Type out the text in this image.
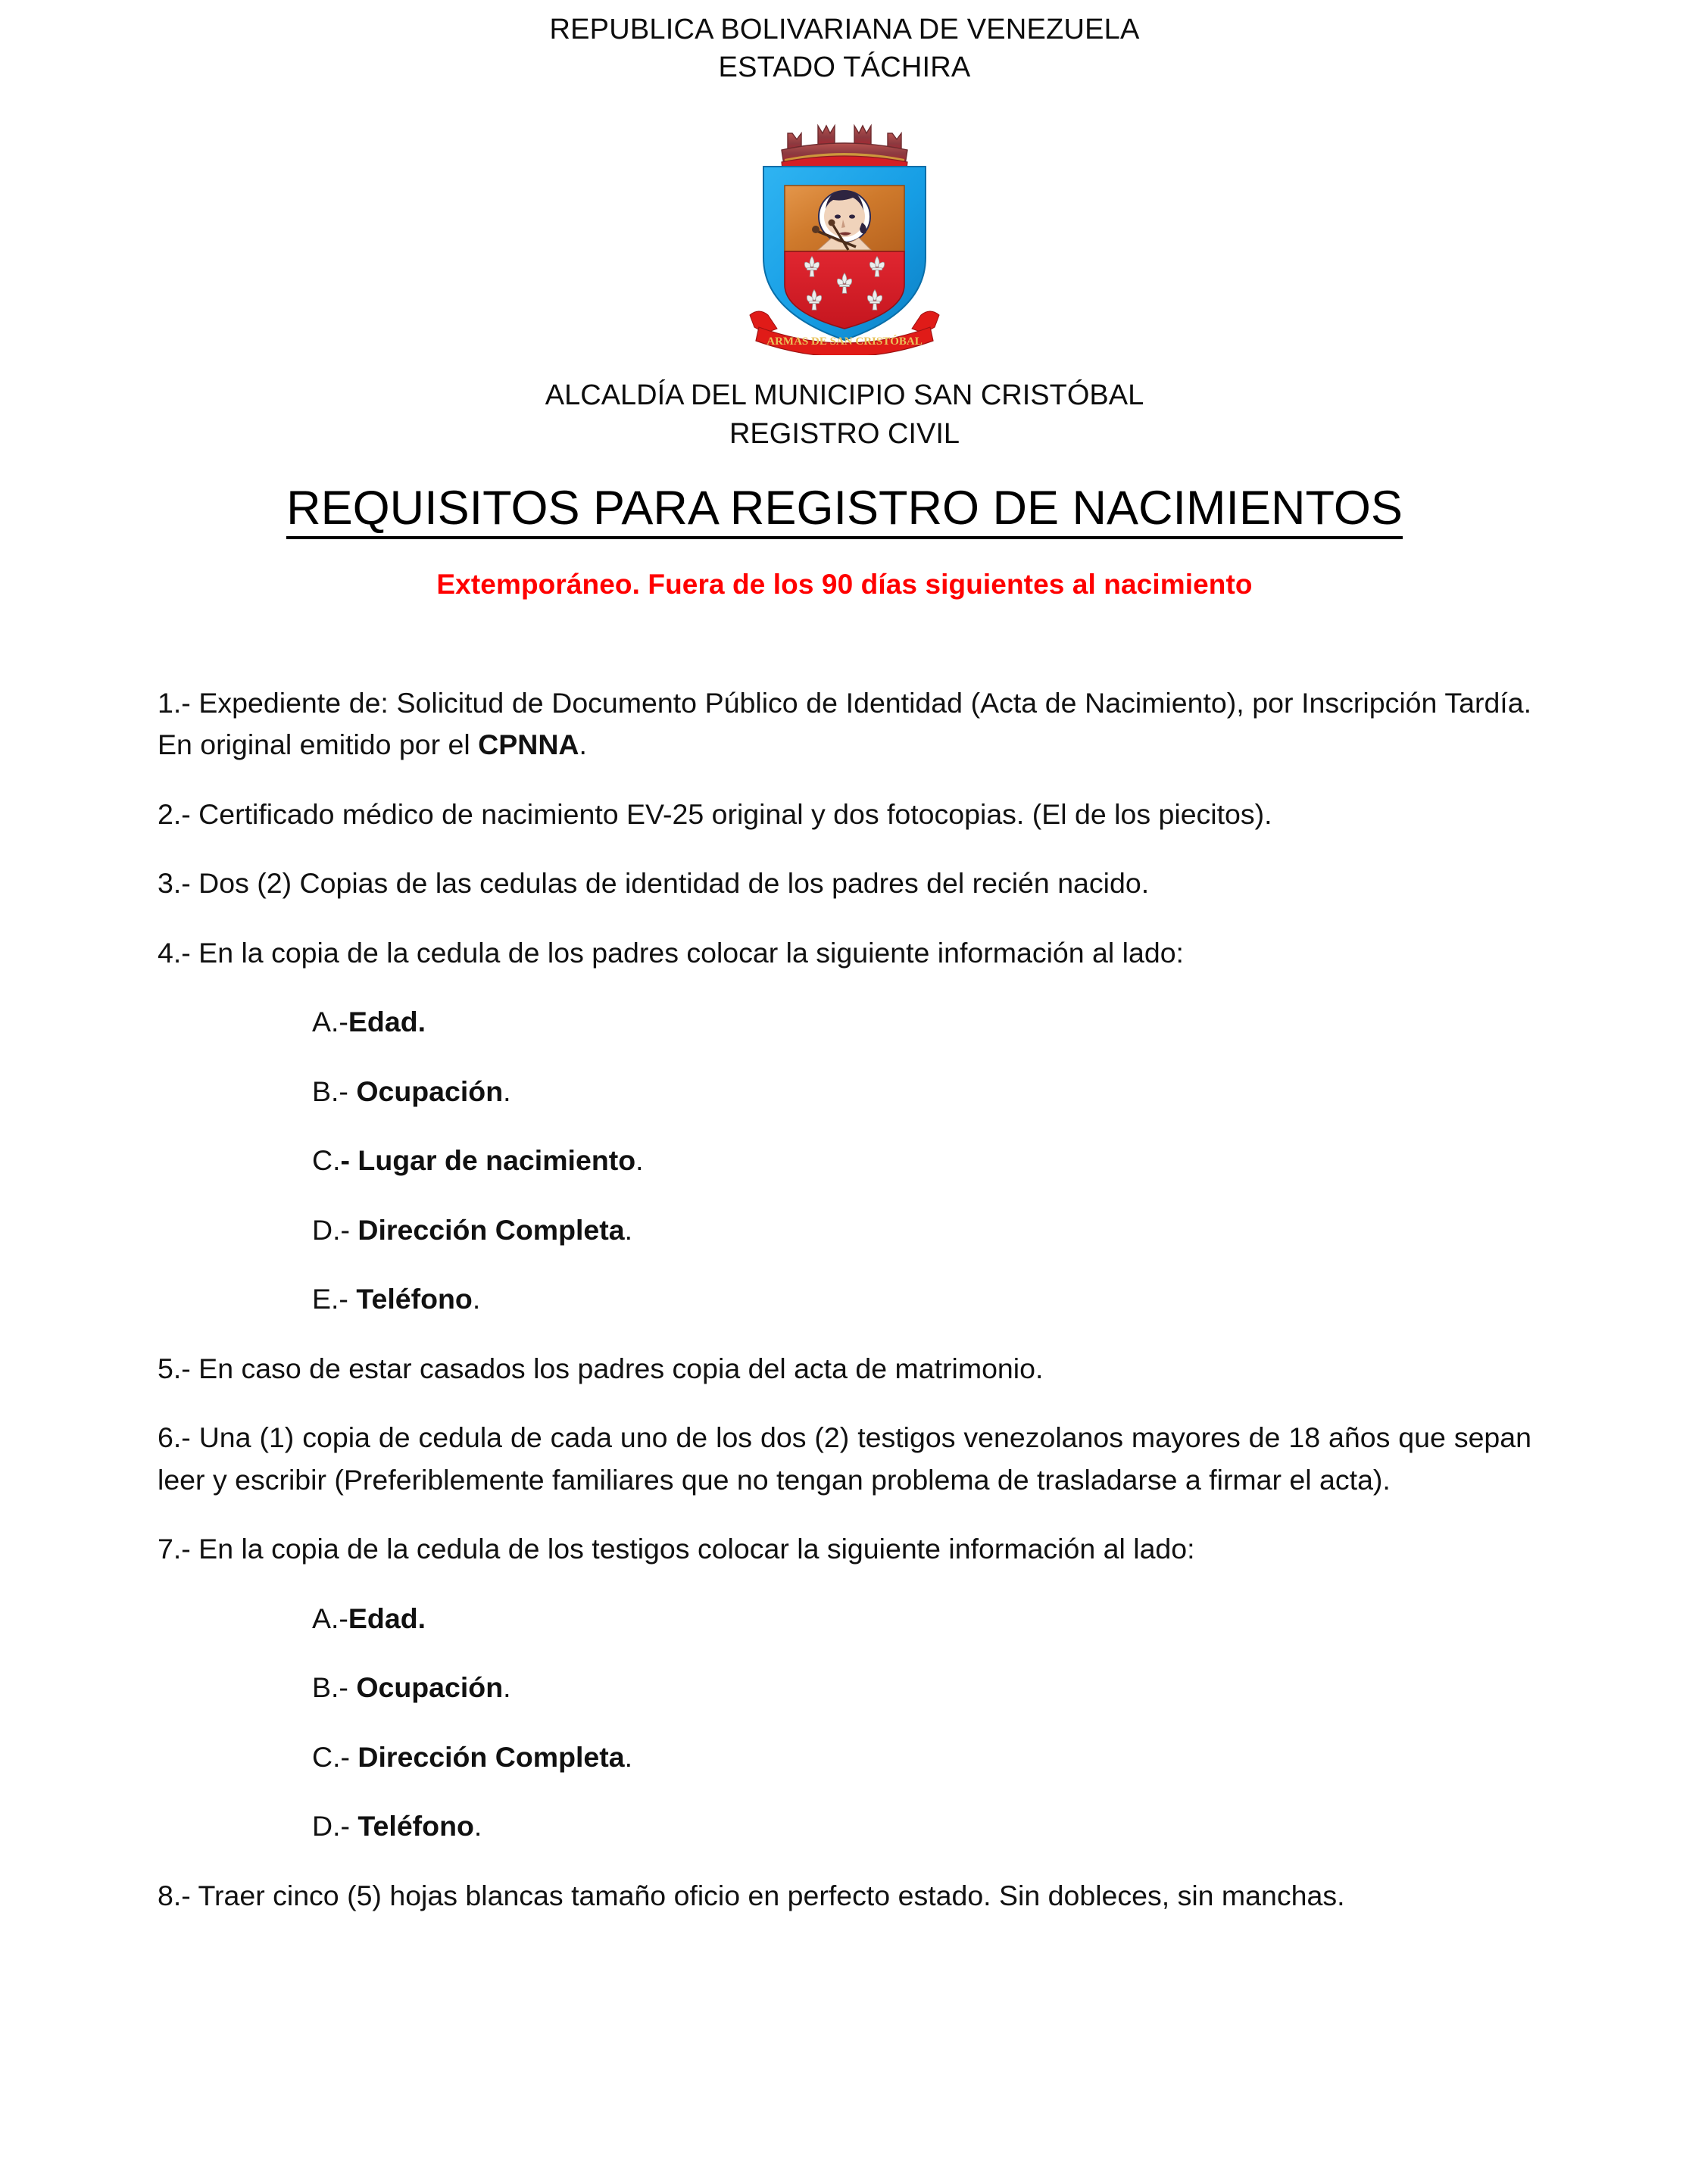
REPUBLICA BOLIVARIANA DE VENEZUELA
ESTADO TÁCHIRA
ARMAS DE SAN CRISTÓBAL
ALCALDÍA DEL MUNICIPIO SAN CRISTÓBAL
REGISTRO CIVIL
REQUISITOS PARA REGISTRO DE NACIMIENTOS
Extemporáneo. Fuera de los 90 días siguientes al nacimiento

1.- Expediente de: Solicitud de Documento Público de Identidad (Acta de Nacimiento), por Inscripción Tardía. En original emitido por el CPNNA.

2.- Certificado médico de nacimiento EV-25 original y dos fotocopias. (El de los piecitos).

3.- Dos (2) Copias de las cedulas de identidad de los padres del recién nacido.

4.- En la copia de la cedula de los padres colocar la siguiente información al lado:

A.-Edad.

B.- Ocupación.

C.- Lugar de nacimiento.

D.- Dirección Completa.

E.- Teléfono.

5.- En caso de estar casados los padres copia del acta de matrimonio.

6.- Una (1) copia de cedula de cada uno de los dos (2) testigos venezolanos mayores de 18 años que sepan leer y escribir (Preferiblemente familiares que no tengan problema de trasladarse a firmar el acta).

7.- En la copia de la cedula de los testigos colocar la siguiente información al lado:

A.-Edad.

B.- Ocupación.

C.- Dirección Completa.

D.- Teléfono.

8.- Traer cinco (5) hojas blancas tamaño oficio en perfecto estado. Sin dobleces, sin manchas.
